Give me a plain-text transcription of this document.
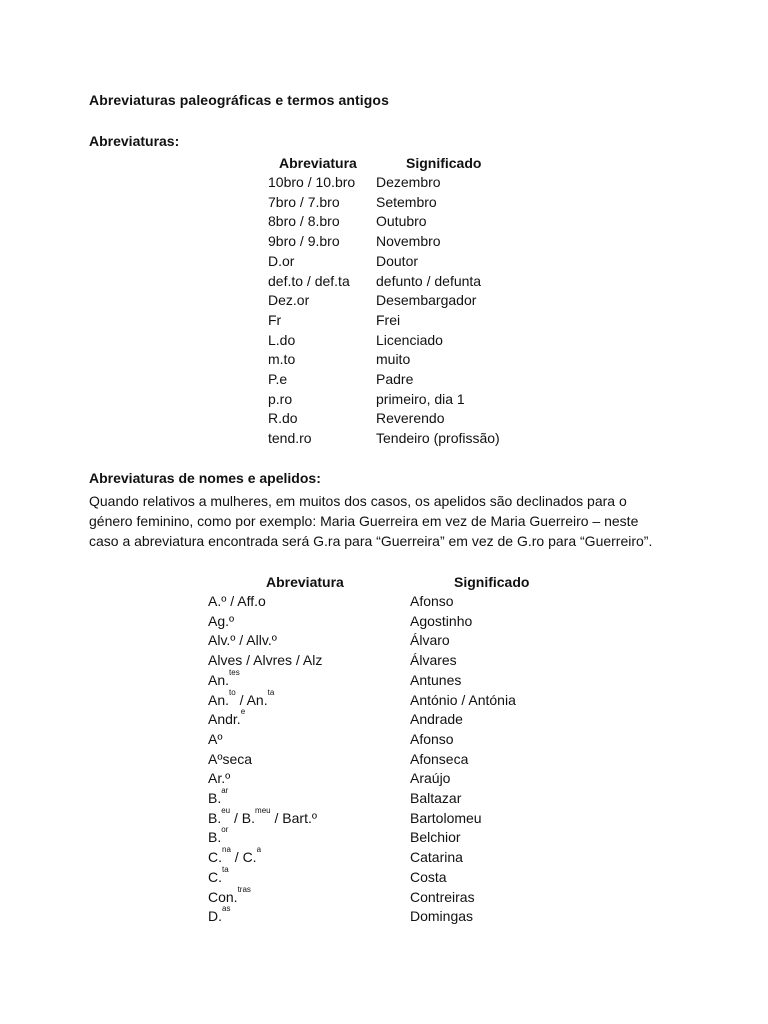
Abreviaturas paleográficas e termos antigos
Abreviaturas:
Abreviatura	Significado
10bro / 10.bro	Dezembro
7bro / 7.bro	Setembro
8bro / 8.bro	Outubro
9bro / 9.bro	Novembro
D.or	Doutor
def.to / def.ta	defunto / defunta
Dez.or	Desembargador
Fr	Frei
L.do	Licenciado
m.to	muito
P.e	Padre
p.ro	primeiro, dia 1
R.do	Reverendo
tend.ro	Tendeiro (profissão)
Abreviaturas de nomes e apelidos:
Quando relativos a mulheres, em muitos dos casos, os apelidos são declinados para o
género feminino, como por exemplo: Maria Guerreira em vez de Maria Guerreiro – neste
caso a abreviatura encontrada será G.ra para “Guerreira” em vez de G.ro para “Guerreiro”.
Abreviatura	Significado
A.º / Aff.o	Afonso
Ag.º	Agostinho
Alv.º / Allv.º	Álvaro
Alves / Alvres / Alz	Álvares
An.$^{tes}$	Antunes
An.$^{to}$ / An.$^{ta}$	António / Antónia
Andr.$^e$	Andrade
Aº	Afonso
Aºseca	Afonseca
Ar.º	Araújo
B.$^{ar}$	Baltazar
B.$^{eu}$ / B.$^{meu}$ / Bart.º	Bartolomeu
B.$^{or}$	Belchior
C.$^{na}$ / C.$^a$	Catarina
C.$^{ta}$	Costa
Con.$^{tras}$	Contreiras
D.$^{as}$	Domingas
